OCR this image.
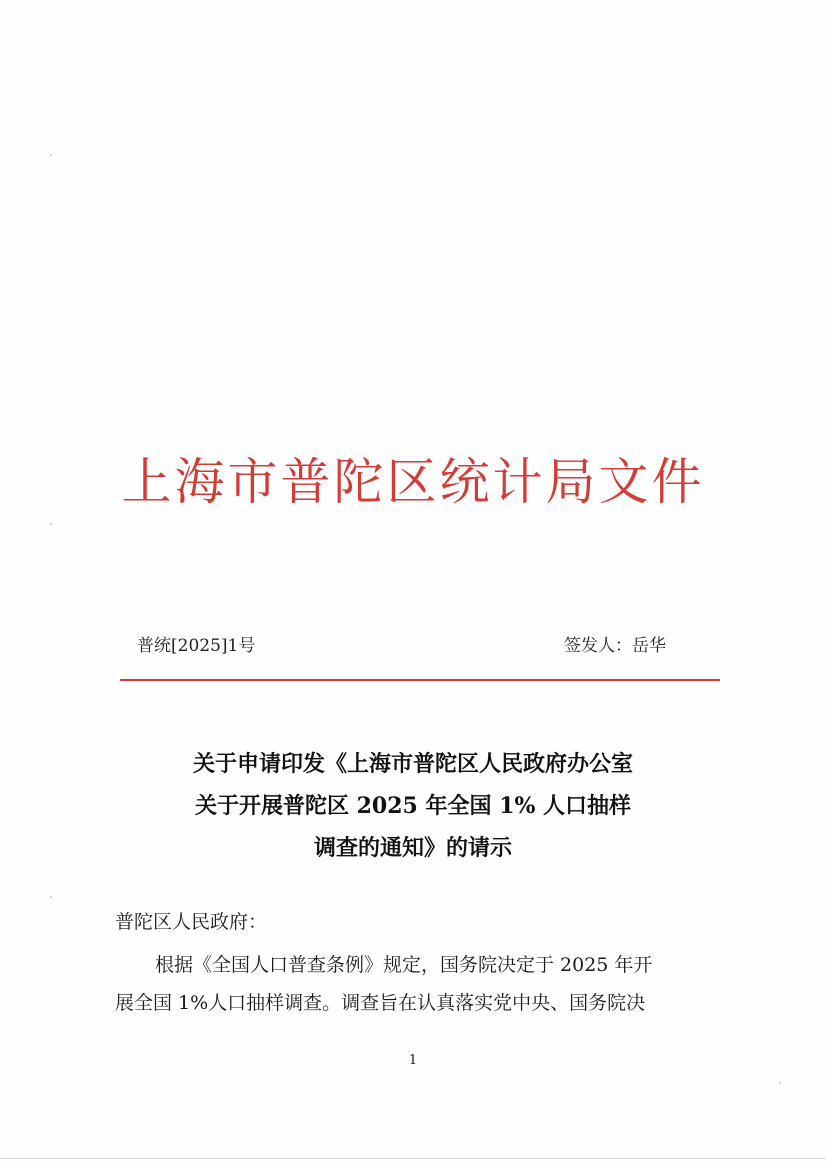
上海市普陀区统计局文件
普统[2025]1号	签发人：岳华
关于申请印发《上海市普陀区人民政府办公室
关于开展普陀区 2025 年全国 1% 人口抽样
调查的通知》的请示
普陀区人民政府：
根据《全国人口普查条例》规定，国务院决定于 2025 年开
展全国 1%人口抽样调查。调查旨在认真落实党中央、国务院决
1
